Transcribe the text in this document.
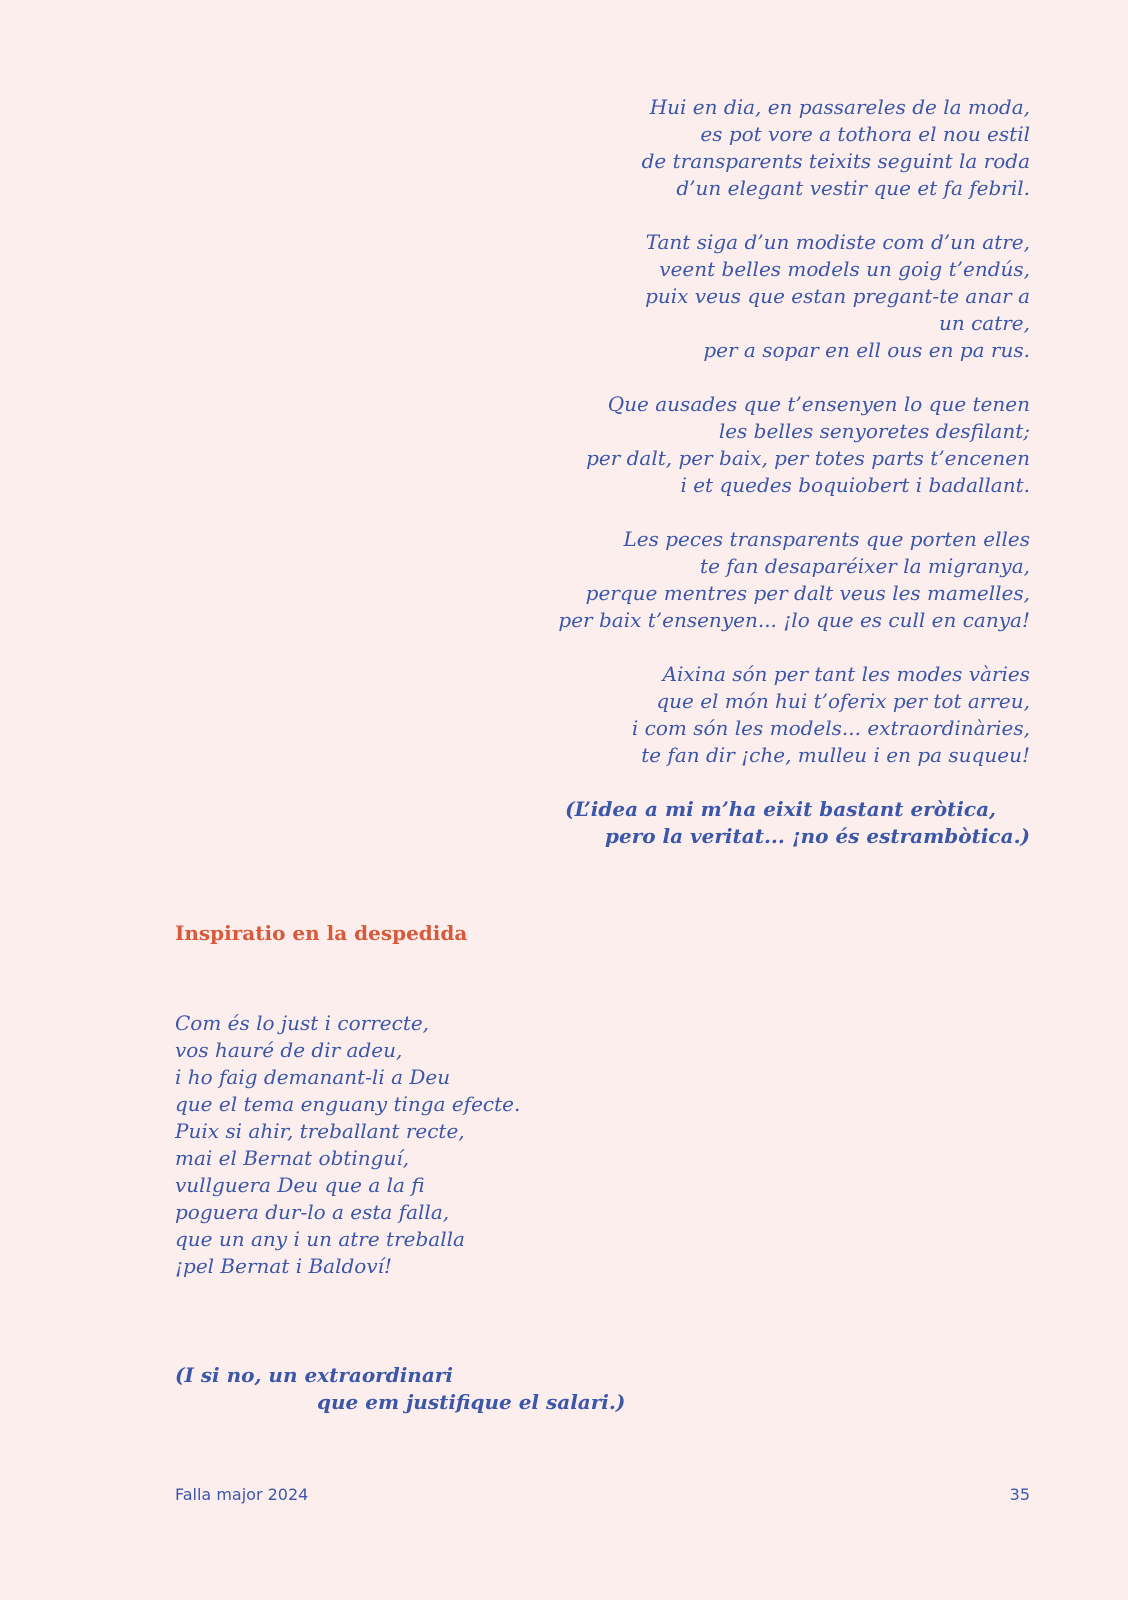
Hui en dia, en passareles de la moda,
es pot vore a tothora el nou estil
de transparents teixits seguint la roda
d’un elegant vestir que et fa febril.
Tant siga d’un modiste com d’un atre,
veent belles models un goig t’endús,
puix veus que estan pregant-te anar a
un catre,
per a sopar en ell ous en pa rus.
Que ausades que t’ensenyen lo que tenen
les belles senyoretes desfilant;
per dalt, per baix, per totes parts t’encenen
i et quedes boquiobert i badallant.
Les peces transparents que porten elles
te fan desaparéixer la migranya,
perque mentres per dalt veus les mamelles,
per baix t’ensenyen... ¡lo que es cull en canya!
Aixina són per tant les modes vàries
que el món hui t’oferix per tot arreu,
i com són les models... extraordinàries,
te fan dir ¡che, mulleu i en pa suqueu!
(L’idea a mi m’ha eixit bastant eròtica,
pero la veritat... ¡no és estrambòtica.)
Inspiratio en la despedida
Com és lo just i correcte,
vos hauré de dir adeu,
i ho faig demanant-li a Deu
que el tema enguany tinga efecte.
Puix si ahir, treballant recte,
mai el Bernat obtinguí,
vullguera Deu que a la fi
poguera dur-lo a esta falla,
que un any i un atre treballa
¡pel Bernat i Baldoví!
(I si no, un extraordinari
que em justifique el salari.)
Falla major 2024	35
